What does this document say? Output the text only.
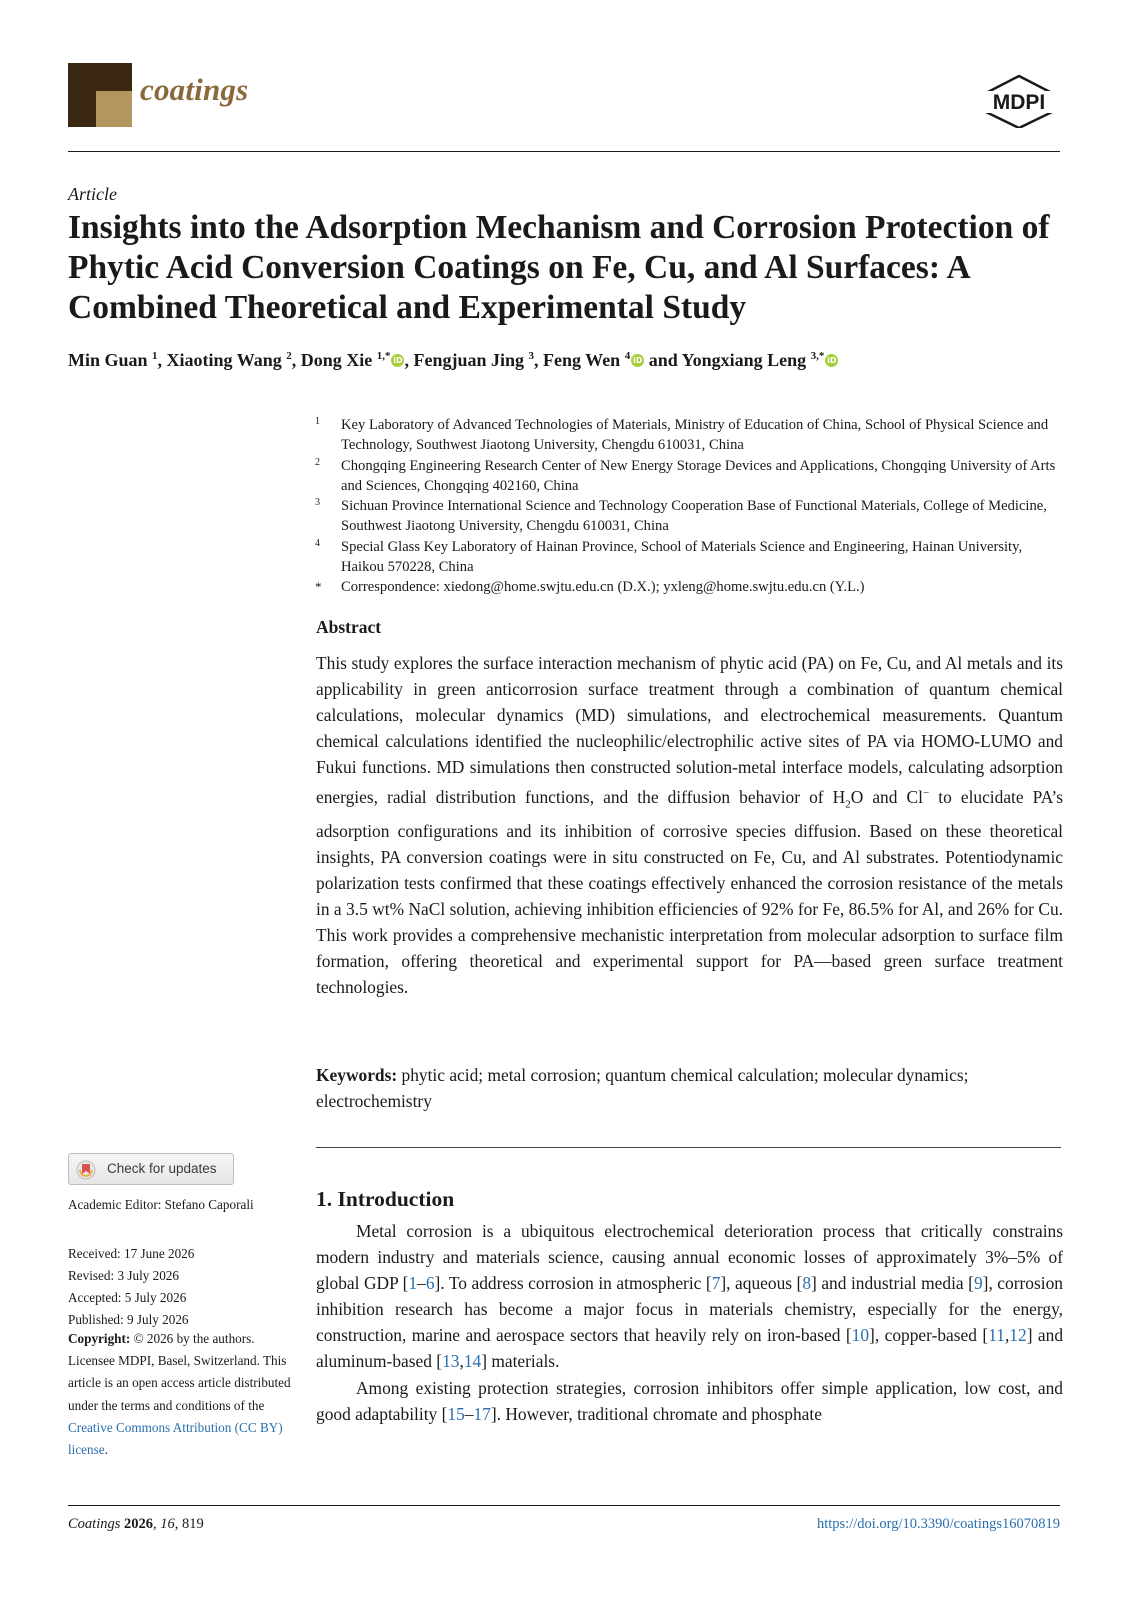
coatings	MDPI
Article
Insights into the Adsorption Mechanism and Corrosion Protection of Phytic Acid Conversion Coatings on Fe, Cu, and Al Surfaces: A Combined Theoretical and Experimental Study
Min Guan $^1$, Xiaoting Wang $^2$, Dong Xie $^{1,*}$ iD , Fengjuan Jing $^3$, Feng Wen $^4$ iD and Yongxiang Leng $^{3,*}$ iD
1	Key Laboratory of Advanced Technologies of Materials, Ministry of Education of China, School of Physical Science and Technology, Southwest Jiaotong University, Chengdu 610031, China
2	Chongqing Engineering Research Center of New Energy Storage Devices and Applications, Chongqing University of Arts and Sciences, Chongqing 402160, China
3	Sichuan Province International Science and Technology Cooperation Base of Functional Materials, College of Medicine, Southwest Jiaotong University, Chengdu 610031, China
4	Special Glass Key Laboratory of Hainan Province, School of Materials Science and Engineering, Hainan University, Haikou 570228, China
*	Correspondence: xiedong@home.swjtu.edu.cn (D.X.); yxleng@home.swjtu.edu.cn (Y.L.)
Abstract
This study explores the surface interaction mechanism of phytic acid (PA) on Fe, Cu, and Al metals and its applicability in green anticorrosion surface treatment through a combination of quantum chemical calculations, molecular dynamics (MD) simulations, and electrochemical measurements. Quantum chemical calculations identified the nucleophilic/electrophilic active sites of PA via HOMO-LUMO and Fukui functions. MD simulations then constructed solution-metal interface models, calculating adsorption energies, radial distribution functions, and the diffusion behavior of $H_2O$ and Cl− to elucidate PA’s adsorption configurations and its inhibition of corrosive species diffusion. Based on these theoretical insights, PA conversion coatings were in situ constructed on Fe, Cu, and Al substrates. Potentiodynamic polarization tests confirmed that these coatings effectively enhanced the corrosion resistance of the metals in a 3.5 wt% NaCl solution, achieving inhibition efficiencies of 92% for Fe, 86.5% for Al, and 26% for Cu. This work provides a comprehensive mechanistic interpretation from molecular adsorption to surface film formation, offering theoretical and experimental support for PA—based green surface treatment technologies.
Keywords: phytic acid; metal corrosion; quantum chemical calculation; molecular dynamics; electrochemistry
Check for updates
Academic Editor: Stefano Caporali
Received: 17 June 2026
Revised: 3 July 2026
Accepted: 5 July 2026
Published: 9 July 2026
Copyright: © 2026 by the authors. Licensee MDPI, Basel, Switzerland. This article is an open access article distributed under the terms and conditions of the Creative Commons Attribution (CC BY) license.
1. Introduction

Metal corrosion is a ubiquitous electrochemical deterioration process that critically constrains modern industry and materials science, causing annual economic losses of approximately 3%–5% of global GDP [1–6]. To address corrosion in atmospheric [7], aqueous [8] and industrial media [9], corrosion inhibition research has become a major focus in materials chemistry, especially for the energy, construction, marine and aerospace sectors that heavily rely on iron-based [10], copper-based [11,12] and aluminum-based [13,14] materials.

Among existing protection strategies, corrosion inhibitors offer simple application, low cost, and good adaptability [15–17]. However, traditional chromate and phosphate

Coatings 2026, 16, 819	https://doi.org/10.3390/coatings16070819
